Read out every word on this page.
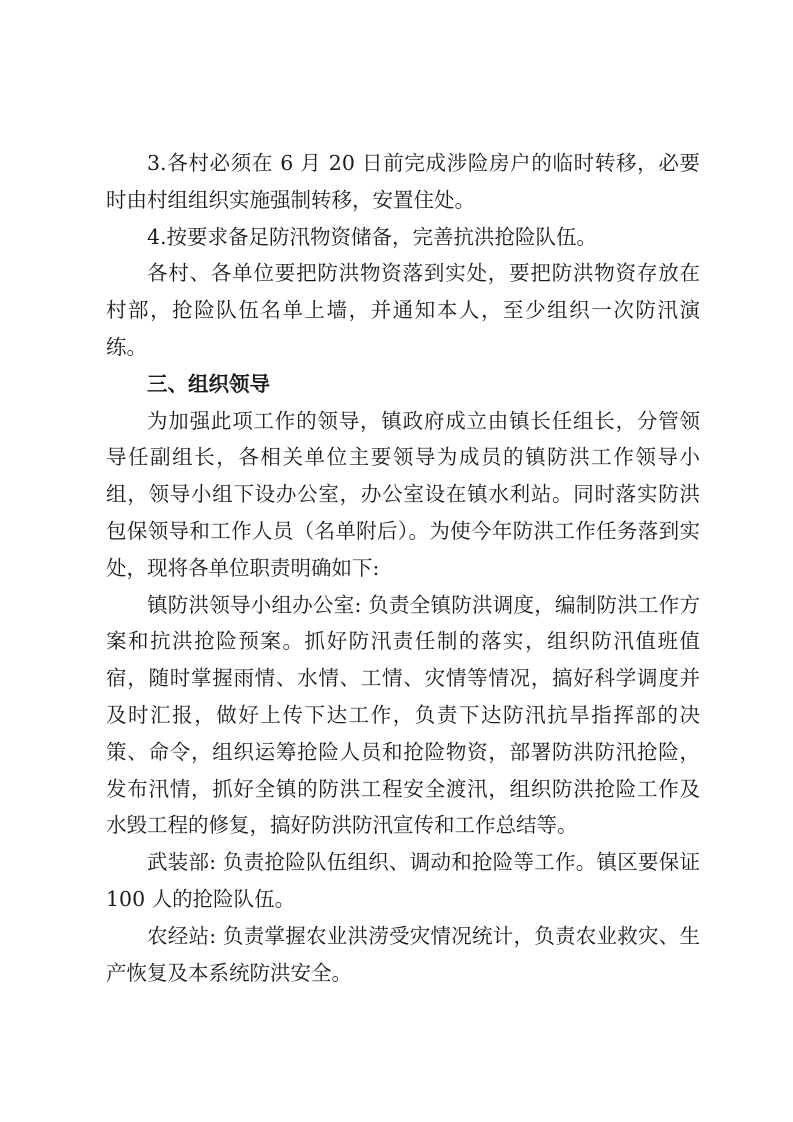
3.各村必须在 6 月 20 日前完成涉险房户的临时转移，必要时由村组组织实施强制转移，安置住处。

4.按要求备足防汛物资储备，完善抗洪抢险队伍。

各村、各单位要把防洪物资落到实处，要把防洪物资存放在村部，抢险队伍名单上墙，并通知本人，至少组织一次防汛演练。

三、组织领导

为加强此项工作的领导，镇政府成立由镇长任组长，分管领导任副组长，各相关单位主要领导为成员的镇防洪工作领导小组，领导小组下设办公室，办公室设在镇水利站。同时落实防洪包保领导和工作人员（名单附后）。为使今年防洪工作任务落到实处，现将各单位职责明确如下:

镇防洪领导小组办公室: 负责全镇防洪调度，编制防洪工作方案和抗洪抢险预案。抓好防汛责任制的落实，组织防汛值班值宿，随时掌握雨情、水情、工情、灾情等情况，搞好科学调度并及时汇报，做好上传下达工作，负责下达防汛抗旱指挥部的决策、命令，组织运筹抢险人员和抢险物资，部署防洪防汛抢险，发布汛情，抓好全镇的防洪工程安全渡汛，组织防洪抢险工作及水毁工程的修复，搞好防洪防汛宣传和工作总结等。

武装部: 负责抢险队伍组织、调动和抢险等工作。镇区要保证 100 人的抢险队伍。

农经站: 负责掌握农业洪涝受灾情况统计，负责农业救灾、生产恢复及本系统防洪安全。
